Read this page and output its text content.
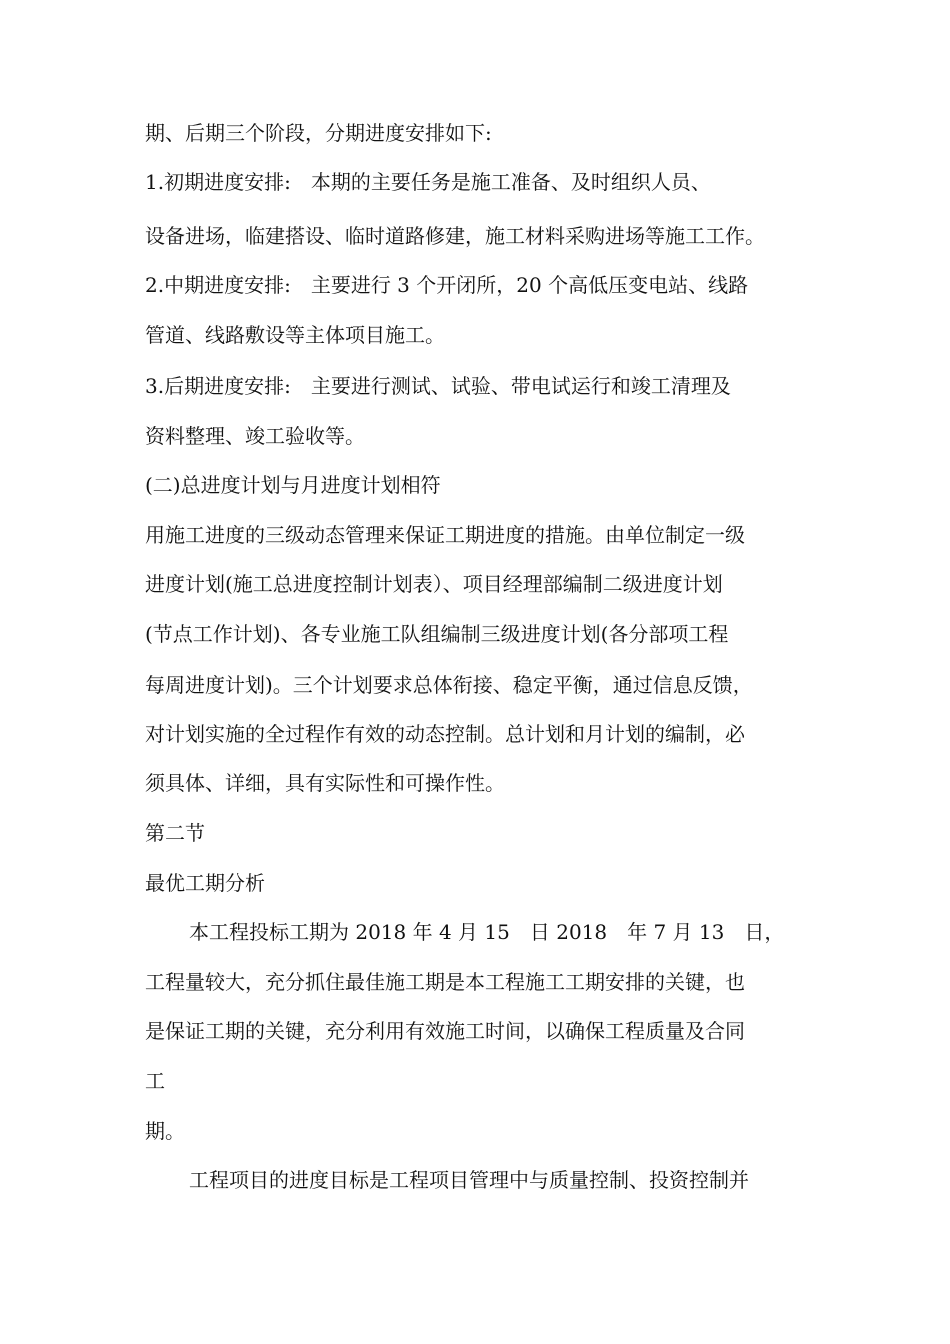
期、后期三个阶段，分期进度安排如下:
1.初期进度安排:　本期的主要任务是施工准备、及时组织人员、
设备进场，临建搭设、临时道路修建，施工材料采购进场等施工工作。
2.中期进度安排:　主要进行 3 个开闭所，20 个高低压变电站、线路
管道、线路敷设等主体项目施工。
3.后期进度安排:　主要进行测试、试验、带电试运行和竣工清理及
资料整理、竣工验收等。
(二)总进度计划与月进度计划相符
用施工进度的三级动态管理来保证工期进度的措施。由单位制定一级
进度计划(施工总进度控制计划表）、项目经理部编制二级进度计划
(节点工作计划)、各专业施工队组编制三级进度计划(各分部项工程
每周进度计划)。三个计划要求总体衔接、稳定平衡，通过信息反馈，
对计划实施的全过程作有效的动态控制。总计划和月计划的编制，必
须具体、详细，具有实际性和可操作性。
第二节
最优工期分析
本工程投标工期为 2018 年 4 月 15　日 2018　年 7 月 13　日，
工程量较大，充分抓住最佳施工期是本工程施工工期安排的关键，也
是保证工期的关键，充分利用有效施工时间，以确保工程质量及合同
工
期。
工程项目的进度目标是工程项目管理中与质量控制、投资控制并
